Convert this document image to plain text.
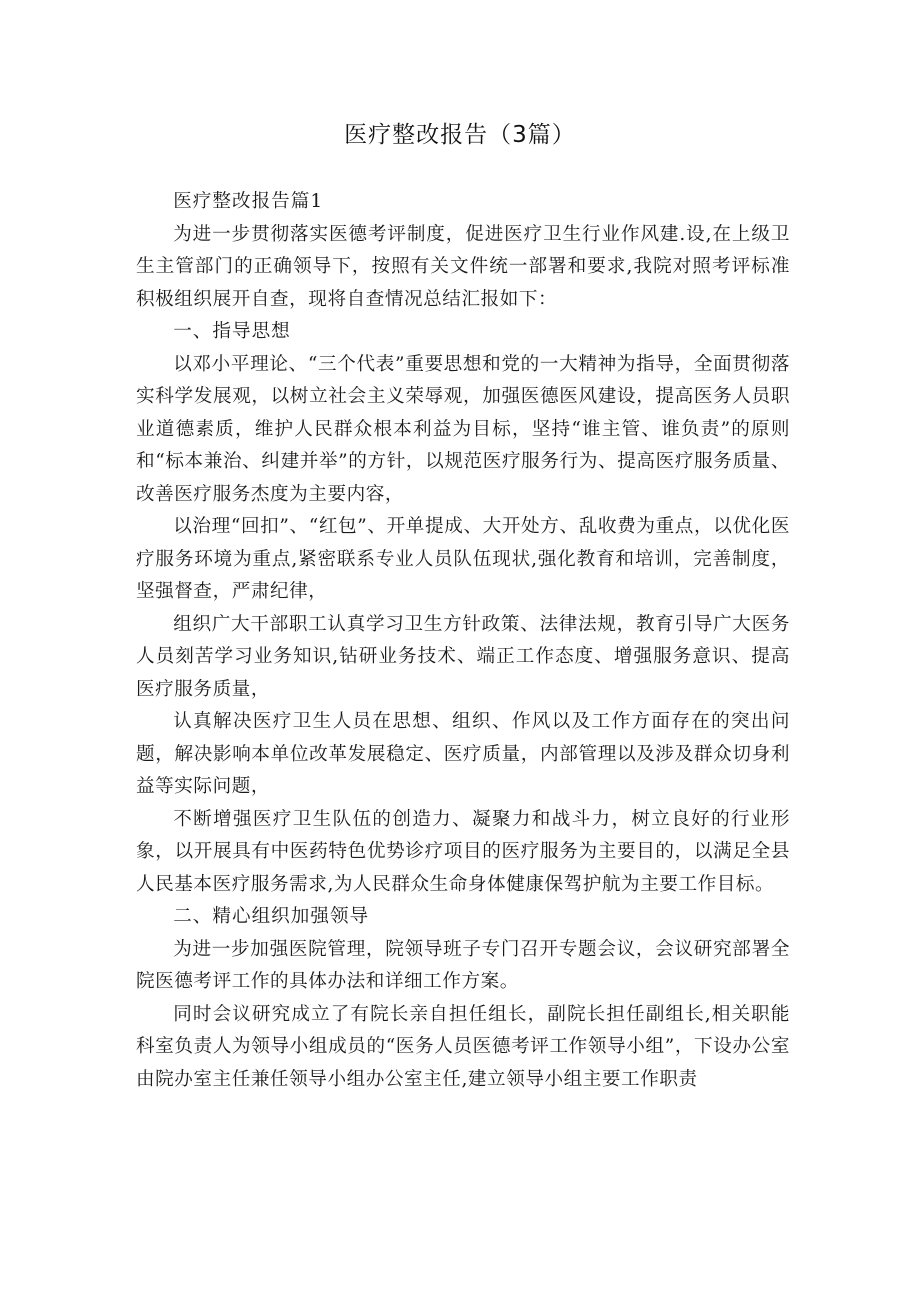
医疗整改报告（3篇）

医疗整改报告篇1

为进一步贯彻落实医德考评制度，促进医疗卫生行业作风建.设,在上级卫生主管部门的正确领导下，按照有关文件统一部署和要求,我院对照考评标准积极组织展开自查，现将自查情况总结汇报如下：

一、指导思想

以邓小平理论、“三个代表”重要思想和党的一大精神为指导，全面贯彻落实科学发展观，以树立社会主义荣辱观，加强医德医风建设，提高医务人员职业道德素质，维护人民群众根本利益为目标，坚持“谁主管、谁负责”的原则和“标本兼治、纠建并举”的方针，以规范医疗服务行为、提高医疗服务质量、改善医疗服务杰度为主要内容，

以治理“回扣”、“红包”、开单提成、大开处方、乱收费为重点，以优化医疗服务环境为重点,紧密联系专业人员队伍现状,强化教育和培训，完善制度，坚强督查，严肃纪律，

组织广大干部职工认真学习卫生方针政策、法律法规，教育引导广大医务人员刻苦学习业务知识,钻研业务技术、端正工作态度、增强服务意识、提高医疗服务质量，

认真解决医疗卫生人员在思想、组织、作风以及工作方面存在的突出问题，解决影响本单位改革发展稳定、医疗质量，内部管理以及涉及群众切身利益等实际问题，

不断增强医疗卫生队伍的创造力、凝聚力和战斗力，树立良好的行业形象，以开展具有中医药特色优势诊疗项目的医疗服务为主要目的，以满足全县人民基本医疗服务需求,为人民群众生命身体健康保驾护航为主要工作目标。

二、精心组织加强领导

为进一步加强医院管理，院领导班子专门召开专题会议，会议研究部署全院医德考评工作的具体办法和详细工作方案。

同时会议研究成立了有院长亲自担任组长，副院长担任副组长,相关职能科室负责人为领导小组成员的“医务人员医德考评工作领导小组”，下设办公室由院办室主任兼任领导小组办公室主任,建立领导小组主要工作职责
